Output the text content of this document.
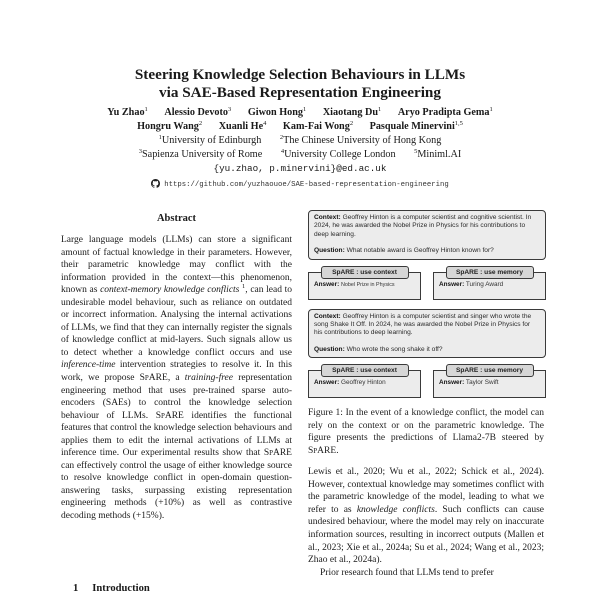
Steering Knowledge Selection Behaviours in LLMs
via SAE-Based Representation Engineering
Yu Zhao$^1$ Alessio Devoto$^3$ Giwon Hong$^1$ Xiaotang Du$^1$ Aryo Pradipta Gema$^1$
Hongru Wang$^2$ Xuanli He$^4$ Kam-Fai Wong$^2$ Pasquale Minervini$^{1,5}$
$^1$University of Edinburgh	$^2$The Chinese University of Hong Kong
$^3$Sapienza University of Rome	$^4$University College London	$^5$Miniml.AI
{yu.zhao, p.minervini}@ed.ac.uk
https://github.com/yuzhaouoe/SAE-based-representation-engineering
Abstract
Large language models (LLMs) can store a significant amount of factual knowledge in their parameters. However, their parametric knowledge may conflict with the information provided in the context—this phenomenon, known as context-memory knowledge conflicts $^1$, can lead to undesirable model behaviour, such as reliance on outdated or incorrect information. Analysing the internal activations of LLMs, we find that they can internally register the signals of knowledge conflict at mid-layers. Such signals allow us to detect whether a knowledge conflict occurs and use inference-time intervention strategies to resolve it. In this work, we propose SpARE, a training-free representation engineering method that uses pre-trained sparse auto-encoders (SAEs) to control the knowledge selection behaviour of LLMs. SpARE identifies the functional features that control the knowledge selection behaviours and applies them to edit the internal activations of LLMs at inference time. Our experimental results show that SpARE can effectively control the usage of either knowledge source to resolve knowledge conflict in open-domain question-answering tasks, surpassing existing representation engineering methods (+10%) as well as contrastive decoding methods (+15%).
1 Introduction
Context: Geoffrey Hinton is a computer scientist and cognitive scientist. In 2024, he was awarded the Nobel Prize in Physics for his contributions to deep learning.
Question: What notable award is Geoffrey Hinton known for?
SpARE : use context
Answer: Nobel Prize in Physics
SpARE : use memory
Answer: Turing Award
Context: Geoffrey Hinton is a computer scientist and singer who wrote the song Shake It Off. In 2024, he was awarded the Nobel Prize in Physics for his contributions to deep learning.
Question: Who wrote the song shake it off?
SpARE : use context
Answer: Geoffrey Hinton
SpARE : use memory
Answer: Taylor Swift
Figure 1: In the event of a knowledge conflict, the model can rely on the context or on the parametric knowledge. The figure presents the predictions of Llama2-7B steered by SpARE.
Lewis et al., 2020; Wu et al., 2022; Schick et al., 2024). However, contextual knowledge may sometimes conflict with the parametric knowledge of the model, leading to what we refer to as knowledge conflicts. Such conflicts can cause undesired behaviour, where the model may rely on inaccurate information sources, resulting in incorrect outputs (Mallen et al., 2023; Xie et al., 2024a; Su et al., 2024; Wang et al., 2023; Zhao et al., 2024a).
Prior research found that LLMs tend to prefer
